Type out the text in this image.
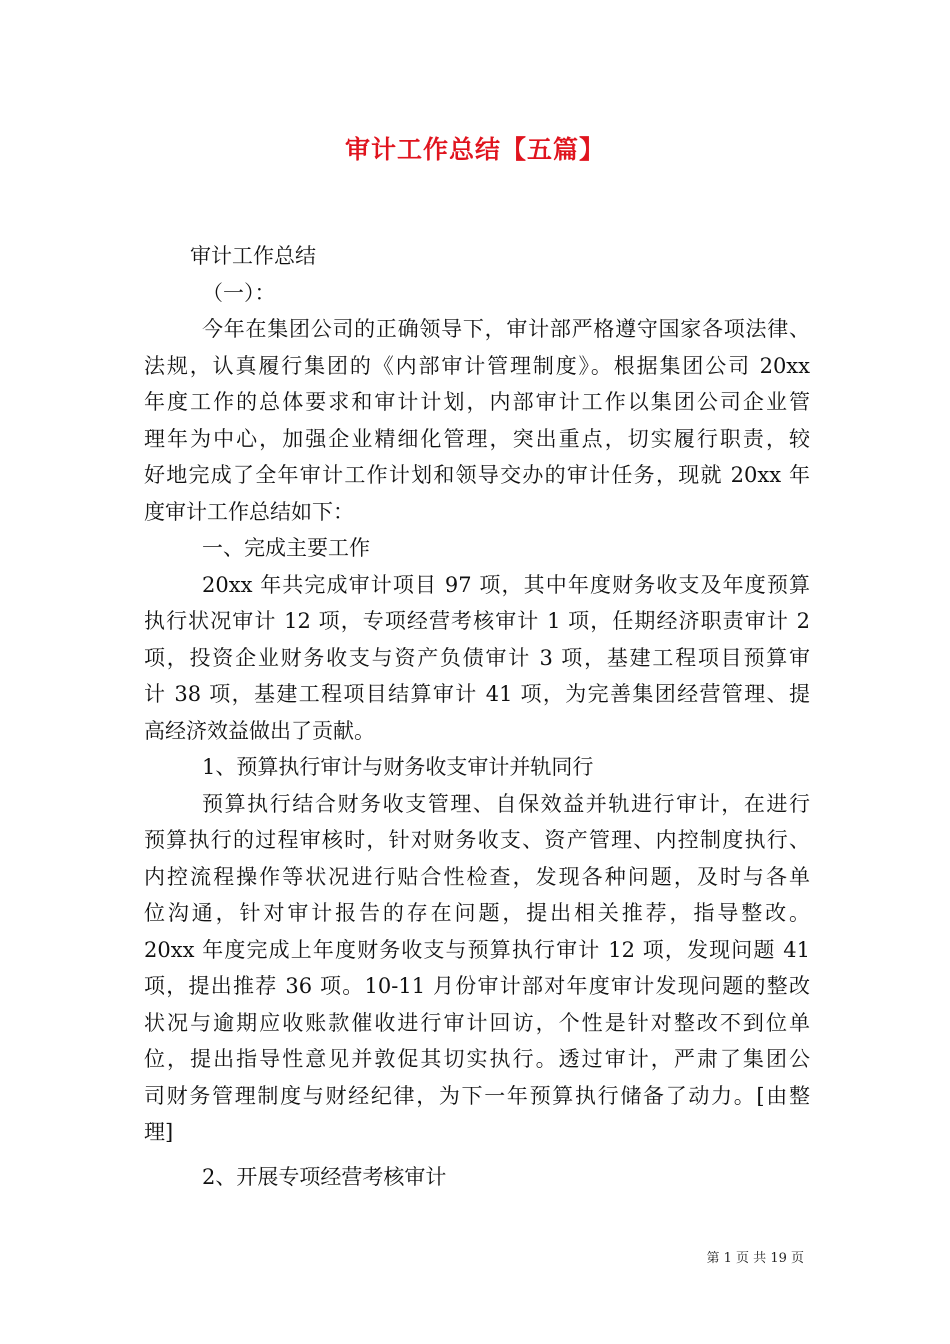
审计工作总结【五篇】
审计工作总结
（一）：
今年在集团公司的正确领导下，审计部严格遵守国家各项法律、
法规，认真履行集团的《内部审计管理制度》。根据集团公司 20xx
年度工作的总体要求和审计计划，内部审计工作以集团公司企业管
理年为中心，加强企业精细化管理，突出重点，切实履行职责，较
好地完成了全年审计工作计划和领导交办的审计任务，现就 20xx 年
度审计工作总结如下：
一、完成主要工作
20xx 年共完成审计项目 97 项，其中年度财务收支及年度预算
执行状况审计 12 项，专项经营考核审计 1 项，任期经济职责审计 2
项，投资企业财务收支与资产负债审计 3 项，基建工程项目预算审
计 38 项，基建工程项目结算审计 41 项，为完善集团经营管理、提
高经济效益做出了贡献。
1、预算执行审计与财务收支审计并轨同行
预算执行结合财务收支管理、自保效益并轨进行审计，在进行
预算执行的过程审核时，针对财务收支、资产管理、内控制度执行、
内控流程操作等状况进行贴合性检查，发现各种问题，及时与各单
位沟通，针对审计报告的存在问题，提出相关推荐，指导整改。
20xx 年度完成上年度财务收支与预算执行审计 12 项，发现问题 41
项，提出推荐 36 项。10-11 月份审计部对年度审计发现问题的整改
状况与逾期应收账款催收进行审计回访，个性是针对整改不到位单
位，提出指导性意见并敦促其切实执行。透过审计，严肃了集团公
司财务管理制度与财经纪律，为下一年预算执行储备了动力。[由整
理]
2、开展专项经营考核审计
第 1 页 共 19 页
